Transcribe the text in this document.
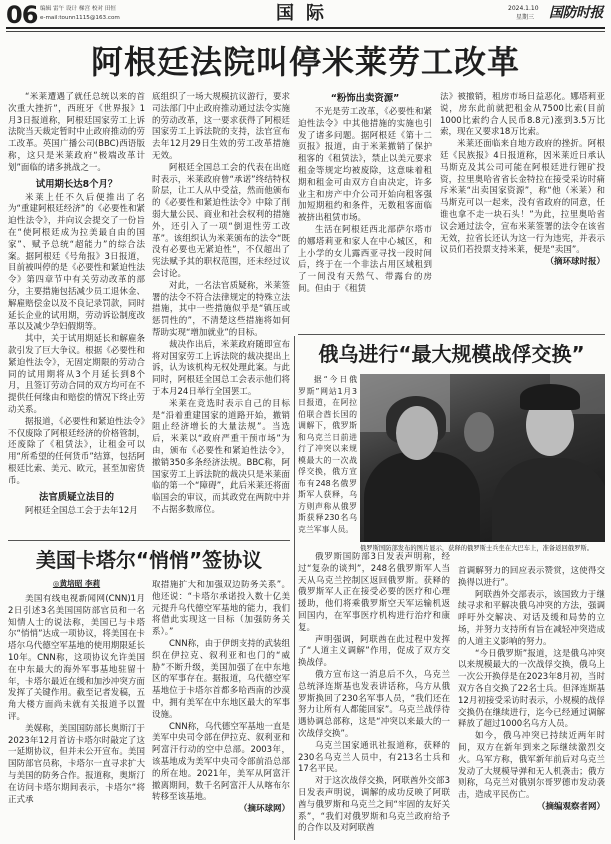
06 编辑 雷午 设计 梯宫 校对 田恒
e-mail:tounn1115@163.com	国际	2024.1.10
星期三 国防时报
阿根廷法院叫停米莱劳工改革

“米莱遭遇了就任总统以来的首次重大挫折”，西班牙《世界报》1月3日报道称，阿根廷国家劳工上诉法院当天裁定暂时中止政府推动的劳工改革。英国广播公司(BBC)西语版称，这只是米莱政府“极端改革计划”面临的诸多挑战之一。

试用期长达8个月？

米莱上任不久后便推出了名为“重建阿根廷经济”的《必要性和紧迫性法令》，并向议会提交了一份旨在“使阿根廷成为拉美最自由的国家”、赋予总统“超能力”的综合法案。据阿根廷《号角报》3日报道，目前被叫停的是《必要性和紧迫性法令》第四章节中有关劳动改革的部分，主要措施包括减少员工退休金、解雇赔偿金以及不良记录罚款，同时延长企业的试用期，劳动诉讼制度改革以及减少孕妇假期等。

其中，关于试用期延长和解雇条款引发了巨大争议。根据《必要性和紧迫性法令》，无固定期限的劳动合同的试用期将从3个月延长到8个月，且签订劳动合同的双方均可在不提供任何缘由和赔偿的情况下终止劳动关系。

据报道，《必要性和紧迫性法令》不仅废除了阿根廷经济的价格管制，还废除了《租赁法》，让租金可以用“所希望的任何货币”结算，包括阿根廷比索、美元、欧元，甚至加密货币。

法官质疑立法目的

阿根廷全国总工会于去年12月

底组织了一场大规模抗议游行，要求司法部门中止政府推动通过法令实施的劳动改革，这一要求获得了阿根廷国家劳工上诉法院的支持，法官宣布去年12月29日生效的劳工改革措施无效。

阿根廷全国总工会的代表在出庭时表示，米莱政府曾“承诺”终结特权阶层，让工人从中受益，然而他颁布的《必要性和紧迫性法令》中除了削弱大量公民、商业和社会权利的措施外，还引入了一项“倒退性劳工改革”。该组织认为米莱颁布的法令“既没有必要也无紧迫性”，不仅超出了宪法赋予其的职权范围，还未经过议会讨论。

对此，一名法官质疑称，米莱签署的法令不符合法律规定的特殊立法措施，其中一些措施似乎是“镇压或惩罚性的”，不清楚这些措施将如何帮助实现“增加就业”的目标。

裁决作出后，米莱政府随即宣布将对国家劳工上诉法院的裁决提出上诉，认为该机构无权处理此案。与此同时，阿根廷全国总工会表示他们将于本月24日举行全国罢工。

米莱在竞选时表示自己的目标是“沿着重建国家的道路开始，撤销阻止经济增长的大量法规”。当选后，米莱以“政府严重干预市场”为由，颁布《必要性和紧迫性法令》，撤销350多条经济法规。BBC称，阿国家劳工上诉法院的裁决只是米莱面临的第一个“障碍”，此后米莱还将面临国会的审议，而其政党在两院中并不占据多数席位。

“粉饰出卖资源”

不光是劳工改革，《必要性和紧迫性法令》中其他措施的实施也引发了诸多问题。据阿根廷《第十二页报》报道，由于米莱撤销了保护租客的《租赁法》，禁止以美元要求租金等规定均被废除，这意味着租期和租金可由双方自由决定，许多业主和房产中介公司开始向租客强加短期租约和条件，无数租客面临被挤出租赁市场。

生活在阿根廷西北部萨尔塔市的娜塔莉亚和家人在中心城区，和上小学的女儿露西亚寻找一段时间后，终于在一个非法占用区域租到了一间没有天然气、带露台的房间。但由于《租赁

法》被撤销，租房市场日益恶化。娜塔莉亚说，房东此前就把租金从7500比索(目前1000比索约合人民币8.8元)涨到3.5万比索，现在又要求18万比索。

米莱还面临来自地方政府的挫折。阿根廷《民族报》4日报道称，因米莱近日承认马斯克及其公司可能在阿根廷进行锂矿投资，拉里奥哈省省长金特拉在接受采访时痛斥米莱“出卖国家资源”，称“他（米莱）和马斯克可以一起来，没有省政府的同意，任谁也拿不走一块石头！”为此，拉里奥哈省议会通过法令，宣布米莱签署的法令在该省无效，拉省长还认为这一行为违宪，并表示议员们若投票支持米莱，便是“卖国”。

（摘环球时报）

俄乌进行“最大规模战俘交换”

据“今日俄罗斯”网站1月3日报道，在阿拉伯联合酋长国的调解下，俄罗斯和乌克兰日前进行了冲突以来规模最大的一次战俘交换，俄方宣布有248名俄罗斯军人获释，乌方则声称从俄罗斯获释230名乌克兰军事人员。

俄罗斯国防部发布的图片显示，获释的俄罗斯士兵坐在大巴车上，准备返回俄罗斯。

俄罗斯国防部3日发表声明称，经过“复杂的谈判”，248名俄罗斯军人当天从乌克兰控制区返回俄罗斯。获释的俄罗斯军人正在接受必要的医疗和心理援助，他们将乘俄罗斯空天军运输机返回国内，在军事医疗机构进行治疗和康复。

声明强调，阿联酋在此过程中发挥了“人道主义调解”作用，促成了双方交换战俘。

俄方宣布这一消息后不久，乌克兰总统泽连斯基也发表讲话称，乌方从俄罗斯换回了230名军事人员，“我们还在努力让所有人都能回家”。乌克兰战俘待遇协调总部称，这是“冲突以来最大的一次战俘交换”。

乌克兰国家通讯社报道称，获释的230名乌克兰人员中，有213名士兵和17名平民。

对于这次战俘交换，阿联酋外交部3日发表声明说，调解的成功反映了阿联酋与俄罗斯和乌克兰之间“牢固的友好关系”，“我们对俄罗斯和乌克兰政府给予的合作以及对阿联酋

首调解努力的回应表示赞赏，这使得交换得以进行”。

阿联酋外交部表示，该国致力于继续寻求和平解决俄乌冲突的方法，强调呼吁外交解决、对话及缓和局势的立场，并努力支持所有旨在减轻冲突造成的人道主义影响的努力。

“今日俄罗斯”报道，这是俄乌冲突以来规模最大的一次战俘交换，俄乌上一次公开换俘是在2023年8月初，当时双方各自交换了22名士兵。但泽连斯基12月初接受采访时表示，小规模的战俘交换仍在继续进行，迄今已经通过调解释放了超过1000名乌方人员。

如今，俄乌冲突已持续近两年时间，双方在新年到来之际继续激烈交火。乌军方称，俄军新年前后对乌克兰发动了大规模导弹和无人机袭击；俄方则称，乌克兰对俄别尔哥罗德市发动袭击，造成平民伤亡。

（摘编观察者网）

美国卡塔尔“悄悄”签协议
◎黄培昭 李莉

美国有线电视新闻网(CNN)1月2日引述3名美国国防部官员和一名知情人士的说法称，美国已与卡塔尔“悄悄”达成一项协议，将美国在卡塔尔乌代德空军基地的使用期限延长10年。CNN称，这项协议允许美国在中东最大的海外军事基地驻留十年，卡塔尔最近在缓和加沙冲突方面发挥了关键作用。截至记者发稿，五角大楼方面尚未就有关报道予以置评。

美媒称，美国国防部长奥斯汀于2023年12月首访卡塔尔时敲定了这一延期协议，但并未公开宣布。美国国防部官员称，卡塔尔一直寻求扩大与美国的防务合作。报道称，奥斯汀在访问卡塔尔期间表示，卡塔尔“将正式承

取措施扩大和加强双边防务关系”。他还说：“卡塔尔承诺投入数十亿美元提升乌代德空军基地的能力，我们将借此实现这一目标（加强防务关系）。”

CNN称，由于伊朗支持的武装组织在伊拉克、叙利亚和也门的“威胁”不断升级，美国加强了在中东地区的军事存在。据报道，乌代德空军基地位于卡塔尔首都多哈西南的沙漠中，拥有美军在中东地区最大的军事设施。

CNN称，乌代德空军基地一直是美军中央司令部在伊拉克、叙利亚和阿富汗行动的空中总部。2003年，该基地成为美军中央司令部前沿总部的所在地。2021年，美军从阿富汗撤离期间，数千名阿富汗人从喀布尔转移至该基地。

（摘环球网）
